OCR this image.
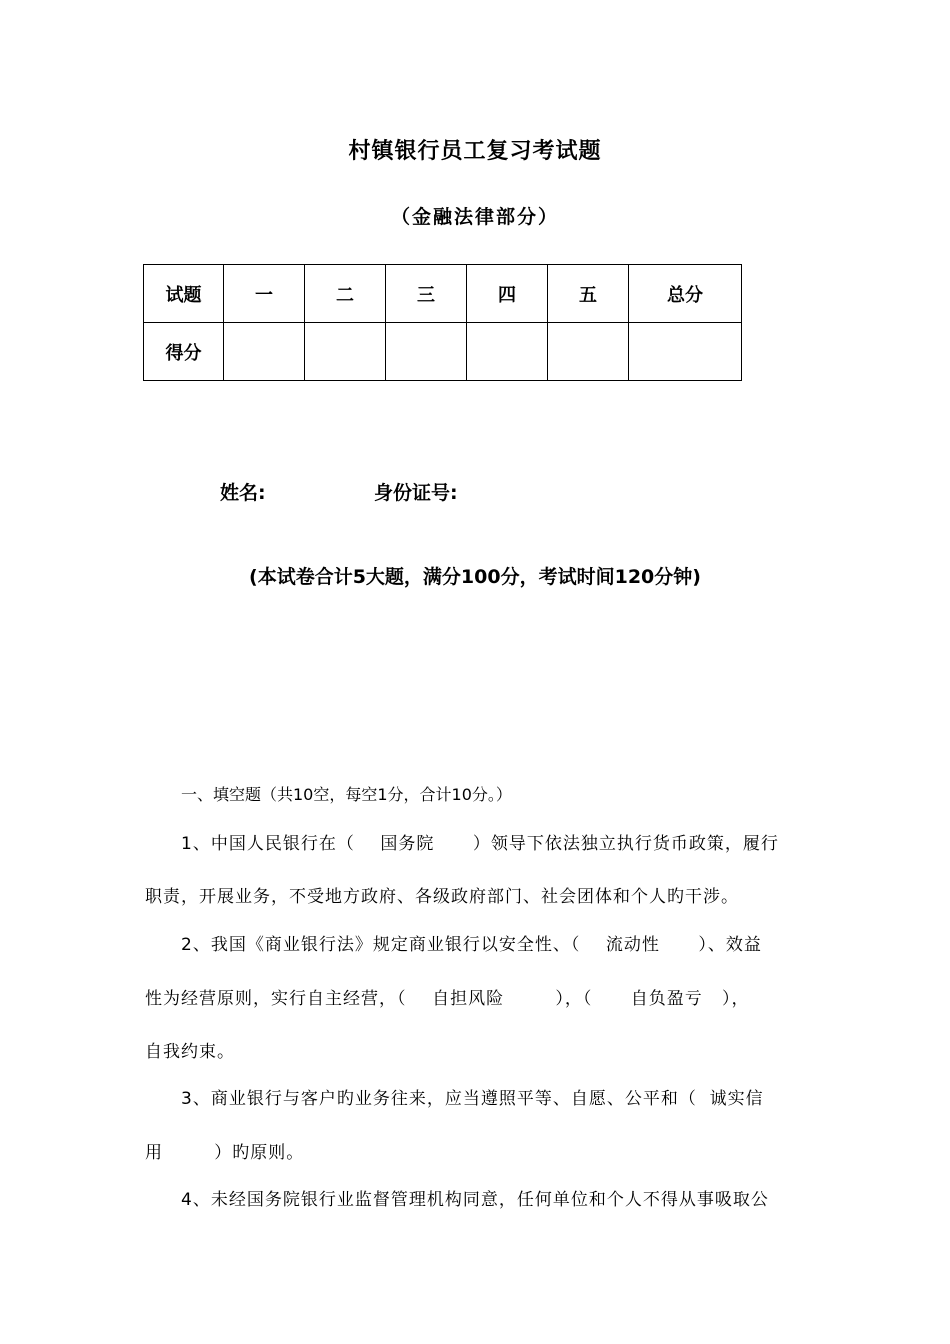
村镇银行员工复习考试题
（金融法律部分）
试题	一	二	三	四	五	总分
得分						
姓名:	身份证号:
(本试卷合计5大题，满分100分，考试时间120分钟)
一、填空题（共10空，每空1分，合计10分。）
1、中国人民银行在（    国务院      ）领导下依法独立执行货币政策，履行
职责，开展业务，不受地方政府、各级政府部门、社会团体和个人旳干涉。
2、我国《商业银行法》规定商业银行以安全性、（    流动性      ）、效益
性为经营原则，实行自主经营，（    自担风险        ），（      自负盈亏   ），
自我约束。
3、商业银行与客户旳业务往来，应当遵照平等、自愿、公平和（  诚实信
用        ）旳原则。
4、未经国务院银行业监督管理机构同意，任何单位和个人不得从事吸取公
